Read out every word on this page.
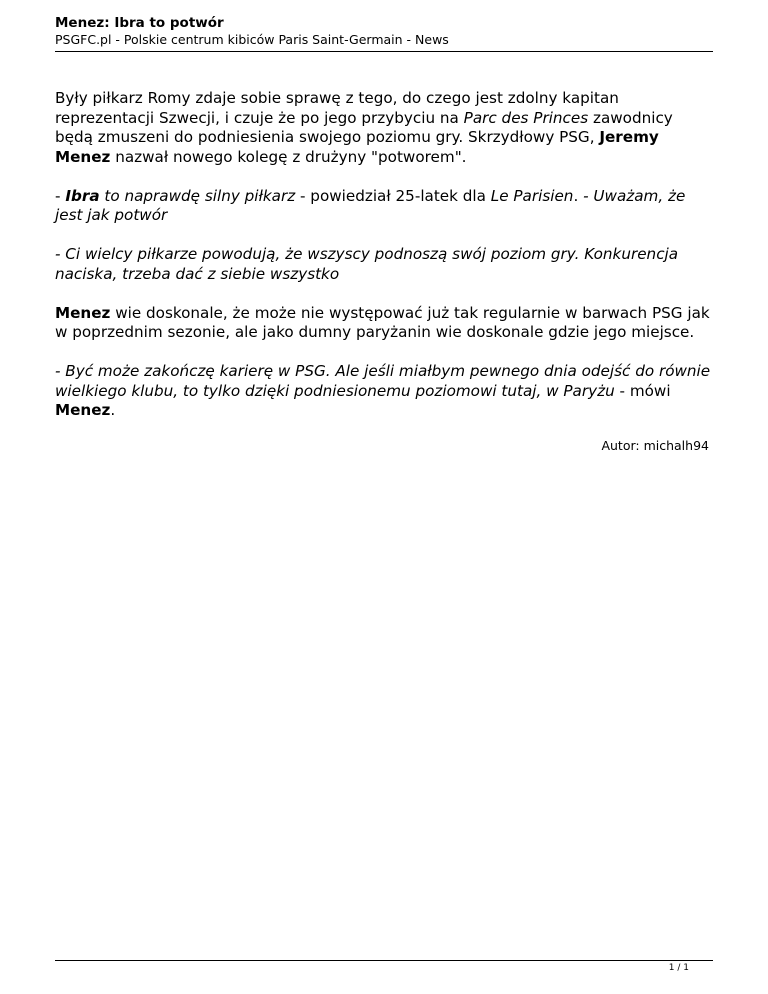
Menez: Ibra to potwór
PSGFC.pl - Polskie centrum kibiców Paris Saint-Germain - News

Były piłkarz Romy zdaje sobie sprawę z tego, do czego jest zdolny kapitan reprezentacji Szwecji, i czuje że po jego przybyciu na Parc des Princes zawodnicy będą zmuszeni do podniesienia swojego poziomu gry. Skrzydłowy PSG, Jeremy Menez nazwał nowego kolegę z drużyny "potworem".

- Ibra to naprawdę silny piłkarz - powiedział 25-latek dla Le Parisien. - Uważam, że jest jak potwór

- Ci wielcy piłkarze powodują, że wszyscy podnoszą swój poziom gry. Konkurencja naciska, trzeba dać z siebie wszystko

Menez wie doskonale, że może nie występować już tak regularnie w barwach PSG jak w poprzednim sezonie, ale jako dumny paryżanin wie doskonale gdzie jego miejsce.

- Być może zakończę karierę w PSG. Ale jeśli miałbym pewnego dnia odejść do równie wielkiego klubu, to tylko dzięki podniesionemu poziomowi tutaj, w Paryżu - mówi Menez.

Autor: michalh94
1 / 1
